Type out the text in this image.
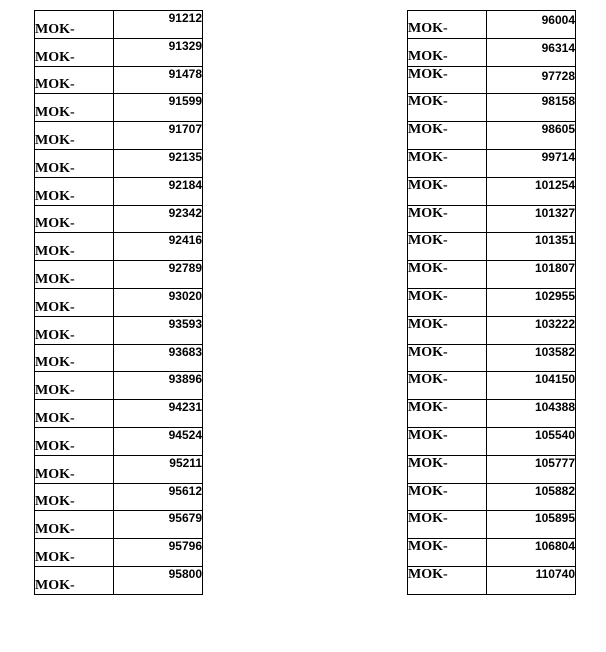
MOK-	91212
MOK-	91329
MOK-	91478
MOK-	91599
MOK-	91707
MOK-	92135
MOK-	92184
MOK-	92342
MOK-	92416
MOK-	92789
MOK-	93020
MOK-	93593
MOK-	93683
MOK-	93896
MOK-	94231
MOK-	94524
MOK-	95211
MOK-	95612
MOK-	95679
MOK-	95796
MOK-	95800
MOK-	96004
MOK-	96314
MOK-	97728
MOK-	98158
MOK-	98605
MOK-	99714
MOK-	101254
MOK-	101327
MOK-	101351
MOK-	101807
MOK-	102955
MOK-	103222
MOK-	103582
MOK-	104150
MOK-	104388
MOK-	105540
MOK-	105777
MOK-	105882
MOK-	105895
MOK-	106804
MOK-	110740
